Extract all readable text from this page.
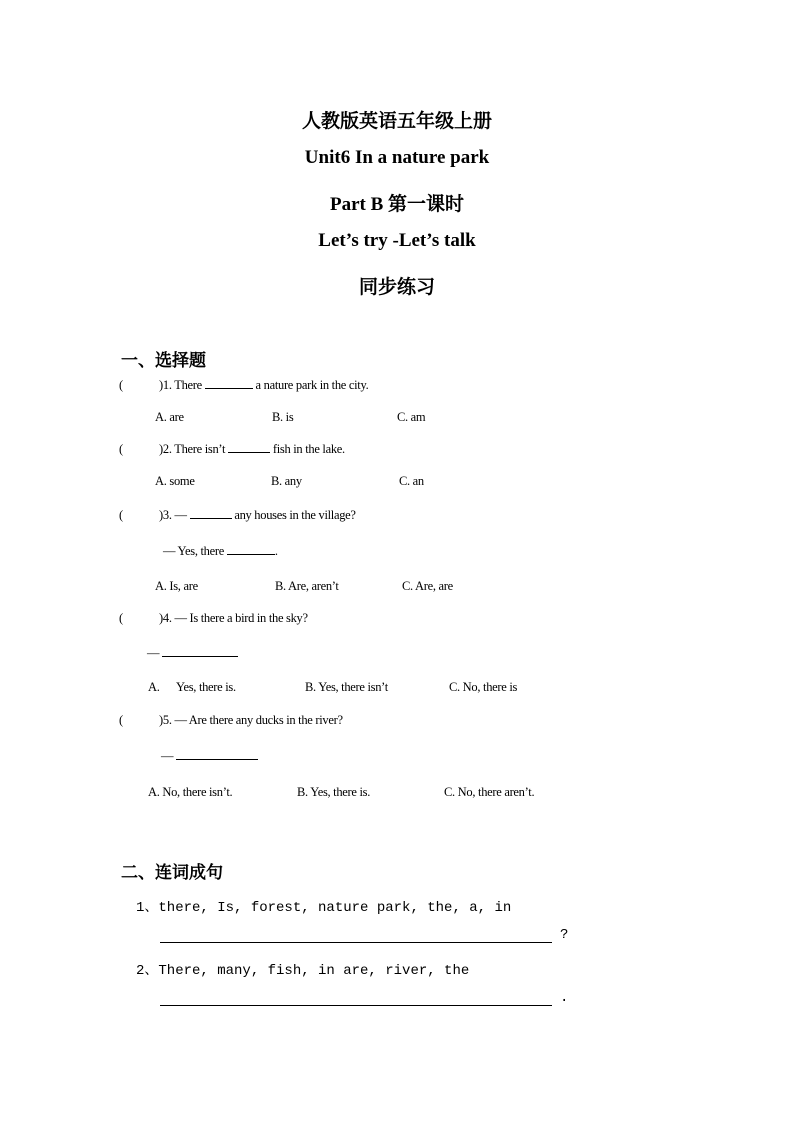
人教版英语五年级上册
Unit6 In a nature park
Part B 第一课时
Let’s try -Let’s talk
同步练习
一、选择题
(	)1. There	a nature park in the city.
A. are	B. is	C. am
(	)2. There isn’t	fish in the lake.
A. some	B. any	C. an
(	)3. —	any houses in the village?
— Yes, there	.
A. Is, are	B. Are, aren’t	C. Are, are
(	)4. — Is there a bird in the sky?
—
A. Yes, there is.	B. Yes, there isn’t	C. No, there is
(	)5. — Are there any ducks in the river?
—
A. No, there isn’t.	B. Yes, there is.	C. No, there aren’t.
二、连词成句
1、there, Is, forest, nature park, the, a, in
?
2、There, many, fish, in are, river, the
.
